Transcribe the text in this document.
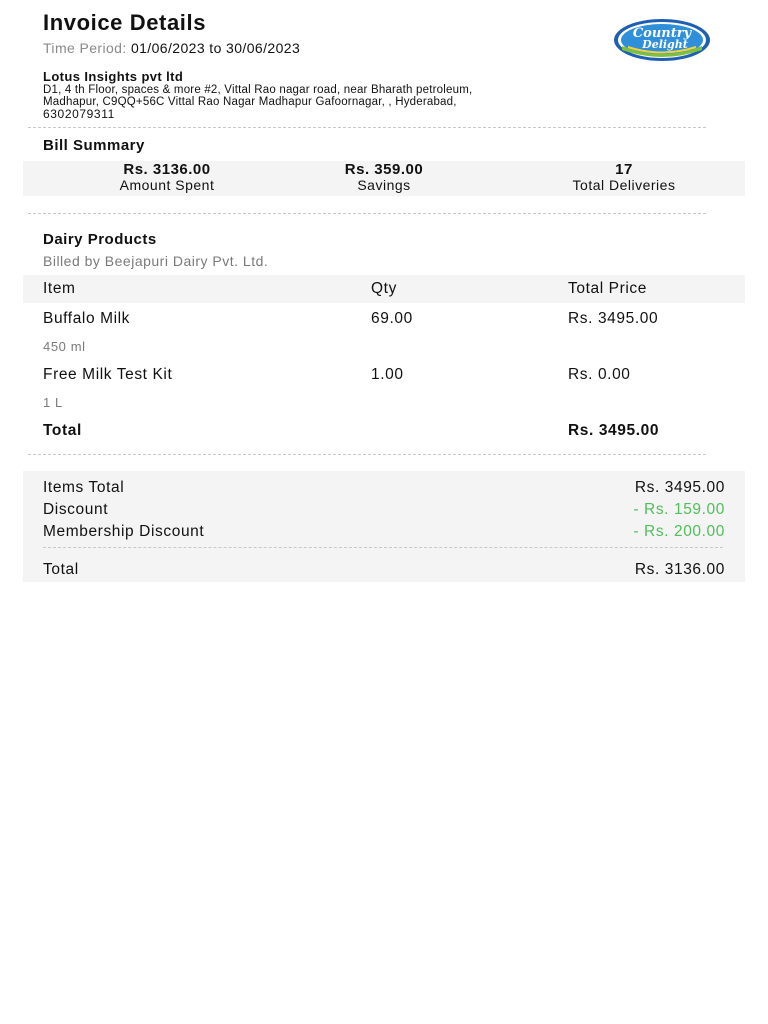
Invoice Details
Time Period: 01/06/2023 to 30/06/2023
Country
Delight
Lotus Insights pvt ltd
D1, 4 th Floor, spaces & more #2, Vittal Rao nagar road, near Bharath petroleum,
Madhapur, C9QQ+56C Vittal Rao Nagar Madhapur Gafoornagar, , Hyderabad,
6302079311
Bill Summary
Rs. 3136.00
Amount Spent
Rs. 359.00
Savings
17
Total Deliveries
Dairy Products
Billed by Beejapuri Dairy Pvt. Ltd.
Item	Qty	Total Price
Buffalo Milk	69.00	Rs. 3495.00
450 ml
Free Milk Test Kit	1.00	Rs. 0.00
1 L
Total	Rs. 3495.00
Items Total	Rs. 3495.00
Discount	- Rs. 159.00
Membership Discount	- Rs. 200.00
Total	Rs. 3136.00
